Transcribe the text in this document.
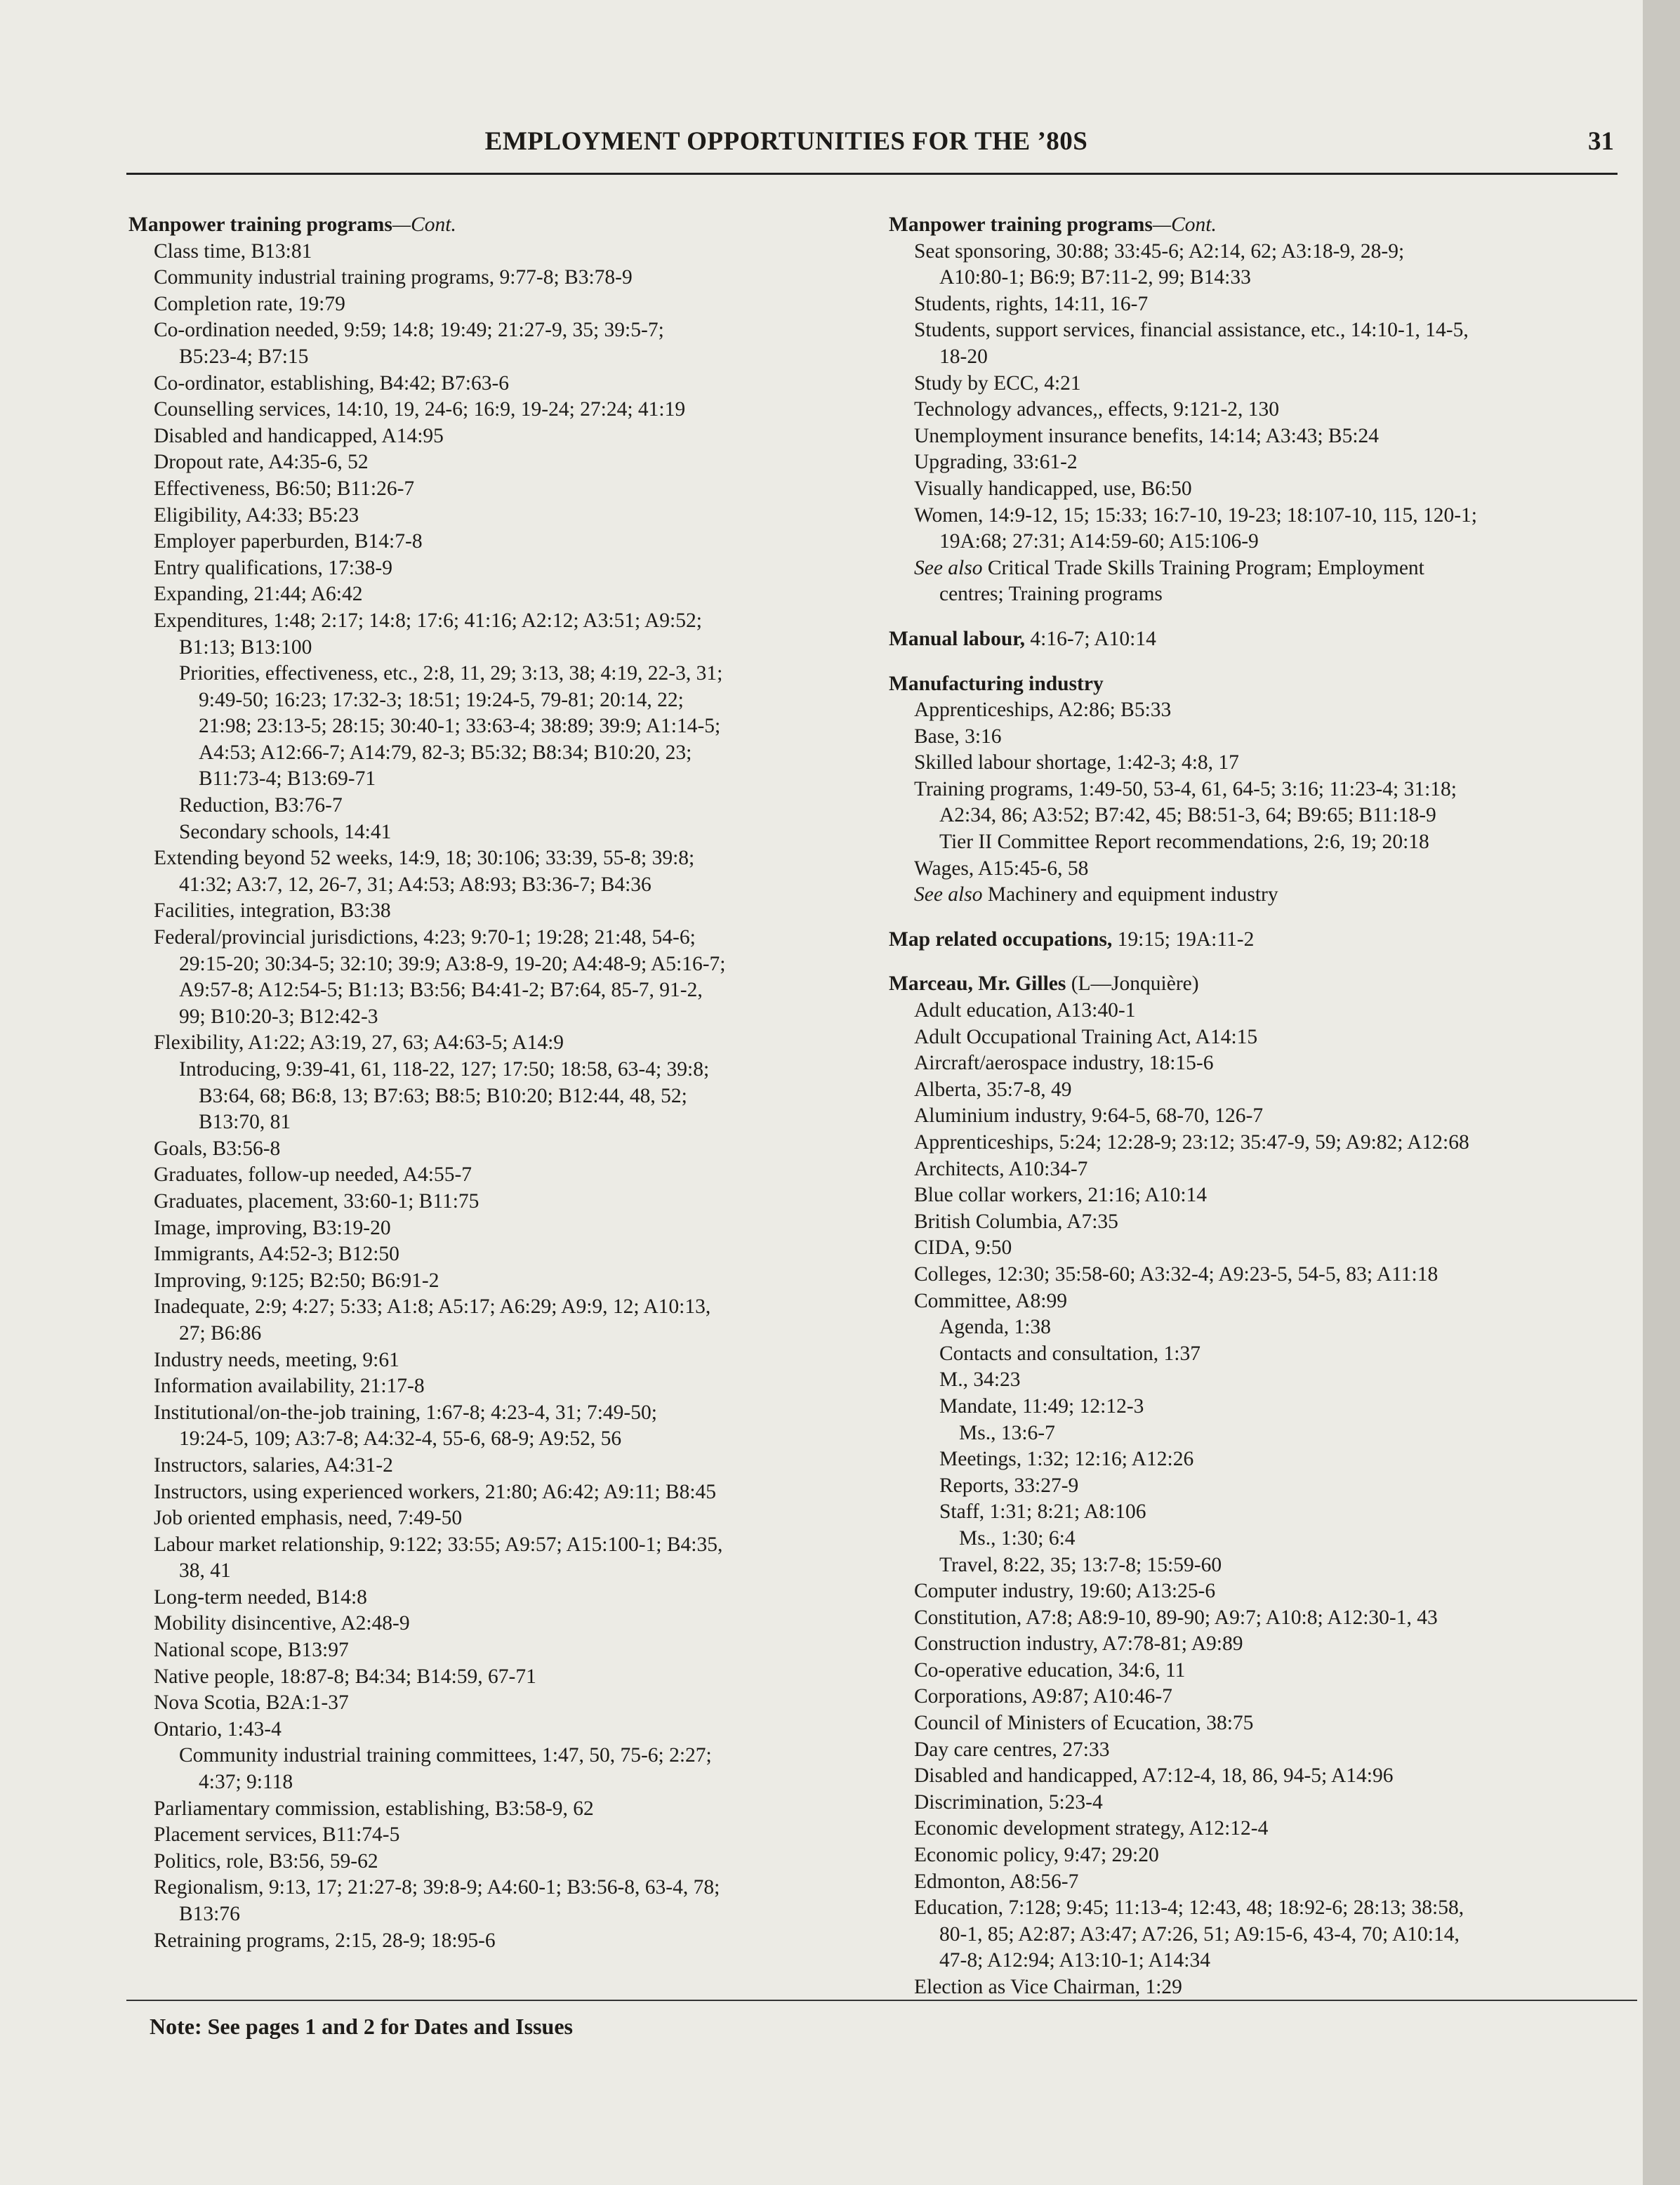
EMPLOYMENT OPPORTUNITIES FOR THE ’80S	31
Manpower training programs—Cont.
Class time, B13:81
Community industrial training programs, 9:77-8; B3:78-9
Completion rate, 19:79
Co-ordination needed, 9:59; 14:8; 19:49; 21:27-9, 35; 39:5-7;
B5:23-4; B7:15
Co-ordinator, establishing, B4:42; B7:63-6
Counselling services, 14:10, 19, 24-6; 16:9, 19-24; 27:24; 41:19
Disabled and handicapped, A14:95
Dropout rate, A4:35-6, 52
Effectiveness, B6:50; B11:26-7
Eligibility, A4:33; B5:23
Employer paperburden, B14:7-8
Entry qualifications, 17:38-9
Expanding, 21:44; A6:42
Expenditures, 1:48; 2:17; 14:8; 17:6; 41:16; A2:12; A3:51; A9:52;
B1:13; B13:100
Priorities, effectiveness, etc., 2:8, 11, 29; 3:13, 38; 4:19, 22-3, 31;
9:49-50; 16:23; 17:32-3; 18:51; 19:24-5, 79-81; 20:14, 22;
21:98; 23:13-5; 28:15; 30:40-1; 33:63-4; 38:89; 39:9; A1:14-5;
A4:53; A12:66-7; A14:79, 82-3; B5:32; B8:34; B10:20, 23;
B11:73-4; B13:69-71
Reduction, B3:76-7
Secondary schools, 14:41
Extending beyond 52 weeks, 14:9, 18; 30:106; 33:39, 55-8; 39:8;
41:32; A3:7, 12, 26-7, 31; A4:53; A8:93; B3:36-7; B4:36
Facilities, integration, B3:38
Federal/provincial jurisdictions, 4:23; 9:70-1; 19:28; 21:48, 54-6;
29:15-20; 30:34-5; 32:10; 39:9; A3:8-9, 19-20; A4:48-9; A5:16-7;
A9:57-8; A12:54-5; B1:13; B3:56; B4:41-2; B7:64, 85-7, 91-2,
99; B10:20-3; B12:42-3
Flexibility, A1:22; A3:19, 27, 63; A4:63-5; A14:9
Introducing, 9:39-41, 61, 118-22, 127; 17:50; 18:58, 63-4; 39:8;
B3:64, 68; B6:8, 13; B7:63; B8:5; B10:20; B12:44, 48, 52;
B13:70, 81
Goals, B3:56-8
Graduates, follow-up needed, A4:55-7
Graduates, placement, 33:60-1; B11:75
Image, improving, B3:19-20
Immigrants, A4:52-3; B12:50
Improving, 9:125; B2:50; B6:91-2
Inadequate, 2:9; 4:27; 5:33; A1:8; A5:17; A6:29; A9:9, 12; A10:13,
27; B6:86
Industry needs, meeting, 9:61
Information availability, 21:17-8
Institutional/on-the-job training, 1:67-8; 4:23-4, 31; 7:49-50;
19:24-5, 109; A3:7-8; A4:32-4, 55-6, 68-9; A9:52, 56
Instructors, salaries, A4:31-2
Instructors, using experienced workers, 21:80; A6:42; A9:11; B8:45
Job oriented emphasis, need, 7:49-50
Labour market relationship, 9:122; 33:55; A9:57; A15:100-1; B4:35,
38, 41
Long-term needed, B14:8
Mobility disincentive, A2:48-9
National scope, B13:97
Native people, 18:87-8; B4:34; B14:59, 67-71
Nova Scotia, B2A:1-37
Ontario, 1:43-4
Community industrial training committees, 1:47, 50, 75-6; 2:27;
4:37; 9:118
Parliamentary commission, establishing, B3:58-9, 62
Placement services, B11:74-5
Politics, role, B3:56, 59-62
Regionalism, 9:13, 17; 21:27-8; 39:8-9; A4:60-1; B3:56-8, 63-4, 78;
B13:76
Retraining programs, 2:15, 28-9; 18:95-6
Manpower training programs—Cont.
Seat sponsoring, 30:88; 33:45-6; A2:14, 62; A3:18-9, 28-9;
A10:80-1; B6:9; B7:11-2, 99; B14:33
Students, rights, 14:11, 16-7
Students, support services, financial assistance, etc., 14:10-1, 14-5,
18-20
Study by ECC, 4:21
Technology advances,, effects, 9:121-2, 130
Unemployment insurance benefits, 14:14; A3:43; B5:24
Upgrading, 33:61-2
Visually handicapped, use, B6:50
Women, 14:9-12, 15; 15:33; 16:7-10, 19-23; 18:107-10, 115, 120-1;
19A:68; 27:31; A14:59-60; A15:106-9
See also Critical Trade Skills Training Program; Employment
centres; Training programs
Manual labour, 4:16-7; A10:14
Manufacturing industry
Apprenticeships, A2:86; B5:33
Base, 3:16
Skilled labour shortage, 1:42-3; 4:8, 17
Training programs, 1:49-50, 53-4, 61, 64-5; 3:16; 11:23-4; 31:18;
A2:34, 86; A3:52; B7:42, 45; B8:51-3, 64; B9:65; B11:18-9
Tier II Committee Report recommendations, 2:6, 19; 20:18
Wages, A15:45-6, 58
See also Machinery and equipment industry
Map related occupations, 19:15; 19A:11-2
Marceau, Mr. Gilles (L—Jonquière)
Adult education, A13:40-1
Adult Occupational Training Act, A14:15
Aircraft/aerospace industry, 18:15-6
Alberta, 35:7-8, 49
Aluminium industry, 9:64-5, 68-70, 126-7
Apprenticeships, 5:24; 12:28-9; 23:12; 35:47-9, 59; A9:82; A12:68
Architects, A10:34-7
Blue collar workers, 21:16; A10:14
British Columbia, A7:35
CIDA, 9:50
Colleges, 12:30; 35:58-60; A3:32-4; A9:23-5, 54-5, 83; A11:18
Committee, A8:99
Agenda, 1:38
Contacts and consultation, 1:37
M., 34:23
Mandate, 11:49; 12:12-3
Ms., 13:6-7
Meetings, 1:32; 12:16; A12:26
Reports, 33:27-9
Staff, 1:31; 8:21; A8:106
Ms., 1:30; 6:4
Travel, 8:22, 35; 13:7-8; 15:59-60
Computer industry, 19:60; A13:25-6
Constitution, A7:8; A8:9-10, 89-90; A9:7; A10:8; A12:30-1, 43
Construction industry, A7:78-81; A9:89
Co-operative education, 34:6, 11
Corporations, A9:87; A10:46-7
Council of Ministers of Ecucation, 38:75
Day care centres, 27:33
Disabled and handicapped, A7:12-4, 18, 86, 94-5; A14:96
Discrimination, 5:23-4
Economic development strategy, A12:12-4
Economic policy, 9:47; 29:20
Edmonton, A8:56-7
Education, 7:128; 9:45; 11:13-4; 12:43, 48; 18:92-6; 28:13; 38:58,
80-1, 85; A2:87; A3:47; A7:26, 51; A9:15-6, 43-4, 70; A10:14,
47-8; A12:94; A13:10-1; A14:34
Election as Vice Chairman, 1:29
Note: See pages 1 and 2 for Dates and Issues
